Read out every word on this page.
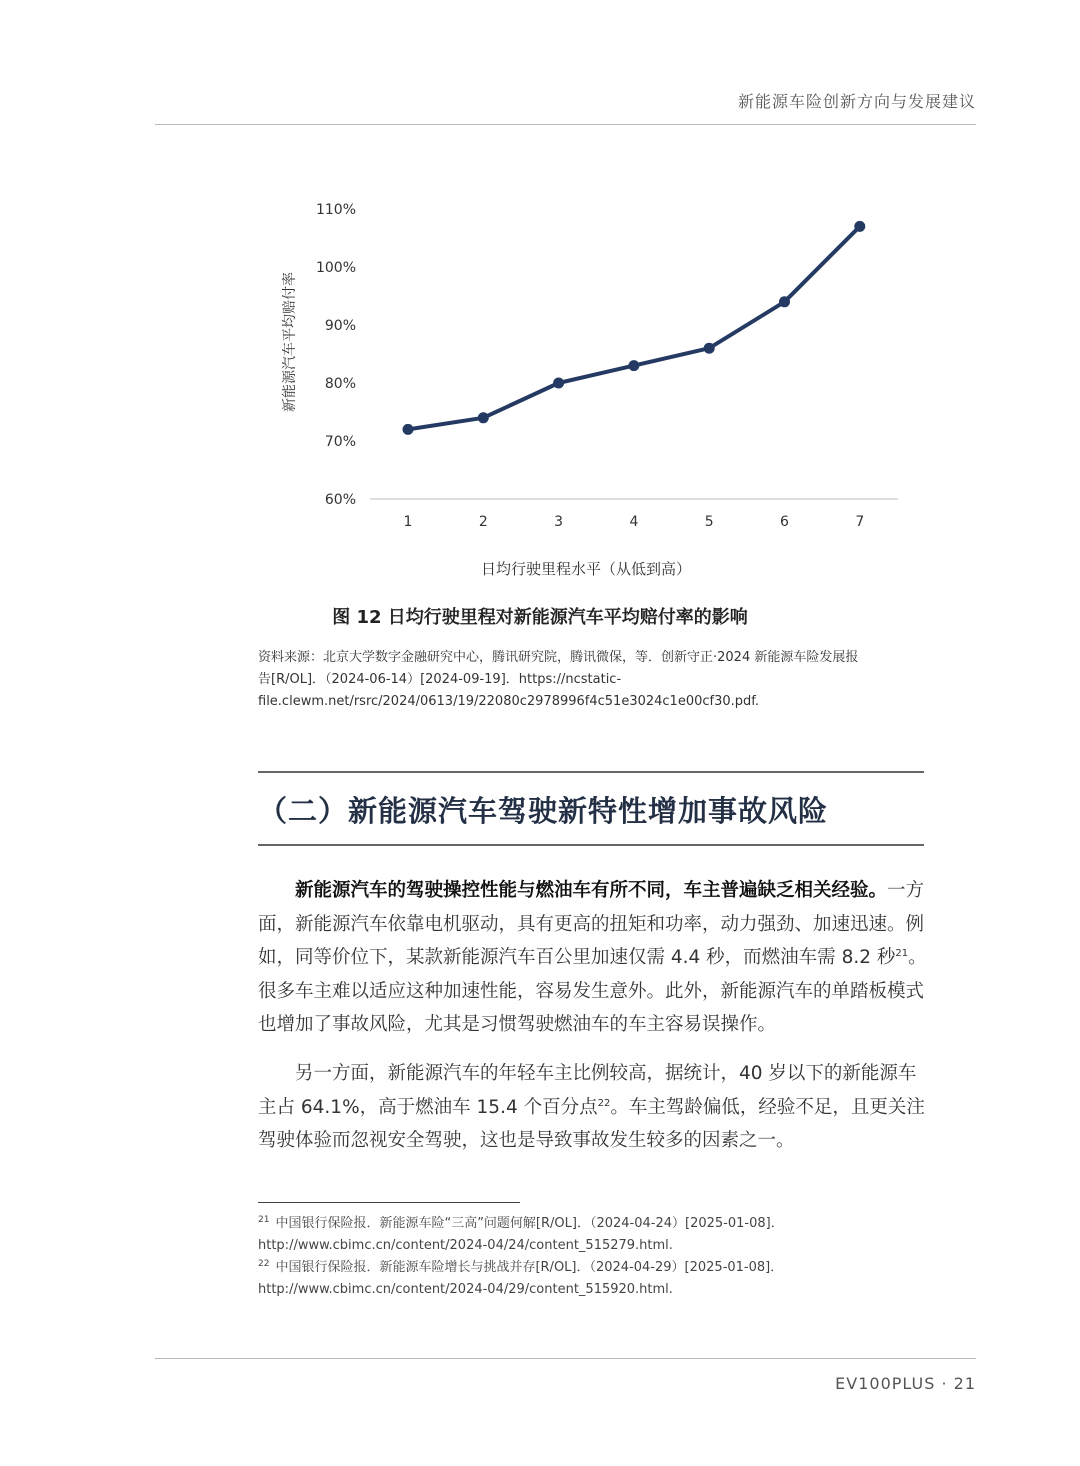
新能源车险创新方向与发展建议
60%
70%
80%
90%
100%
110%
1	2	3	4	5	6	7
新能源汽车平均赔付率
日均行驶里程水平（从低到高）
图 12 日均行驶里程对新能源汽车平均赔付率的影响
资料来源：北京大学数字金融研究中心，腾讯研究院，腾讯微保，等．创新守正·2024 新能源车险发展报
告[R/OL]．（2024-06-14）[2024-09-19]．https://ncstatic-
file.clewm.net/rsrc/2024/0613/19/22080c2978996f4c51e3024c1e00cf30.pdf.
（二）新能源汽车驾驶新特性增加事故风险

新能源汽车的驾驶操控性能与燃油车有所不同，车主普遍缺乏相关经验。一方面，新能源汽车依靠电机驱动，具有更高的扭矩和功率，动力强劲、加速迅速。例如，同等价位下，某款新能源汽车百公里加速仅需 4.4 秒，而燃油车需 8.2 秒$^{21}$。很多车主难以适应这种加速性能，容易发生意外。此外，新能源汽车的单踏板模式也增加了事故风险，尤其是习惯驾驶燃油车的车主容易误操作。

另一方面，新能源汽车的年轻车主比例较高，据统计，40 岁以下的新能源车主占 64.1%，高于燃油车 15.4 个百分点$^{22}$。车主驾龄偏低，经验不足，且更关注驾驶体验而忽视安全驾驶，这也是导致事故发生较多的因素之一。

$^{21}$ 中国银行保险报．新能源车险“三高”问题何解[R/OL]．（2024-04-24）[2025-01-08]．http://www.cbimc.cn/content/2024-04/24/content_515279.html.

$^{22}$ 中国银行保险报．新能源车险增长与挑战并存[R/OL]．（2024-04-29）[2025-01-08]．http://www.cbimc.cn/content/2024-04/29/content_515920.html.

EV100PLUS · 21
